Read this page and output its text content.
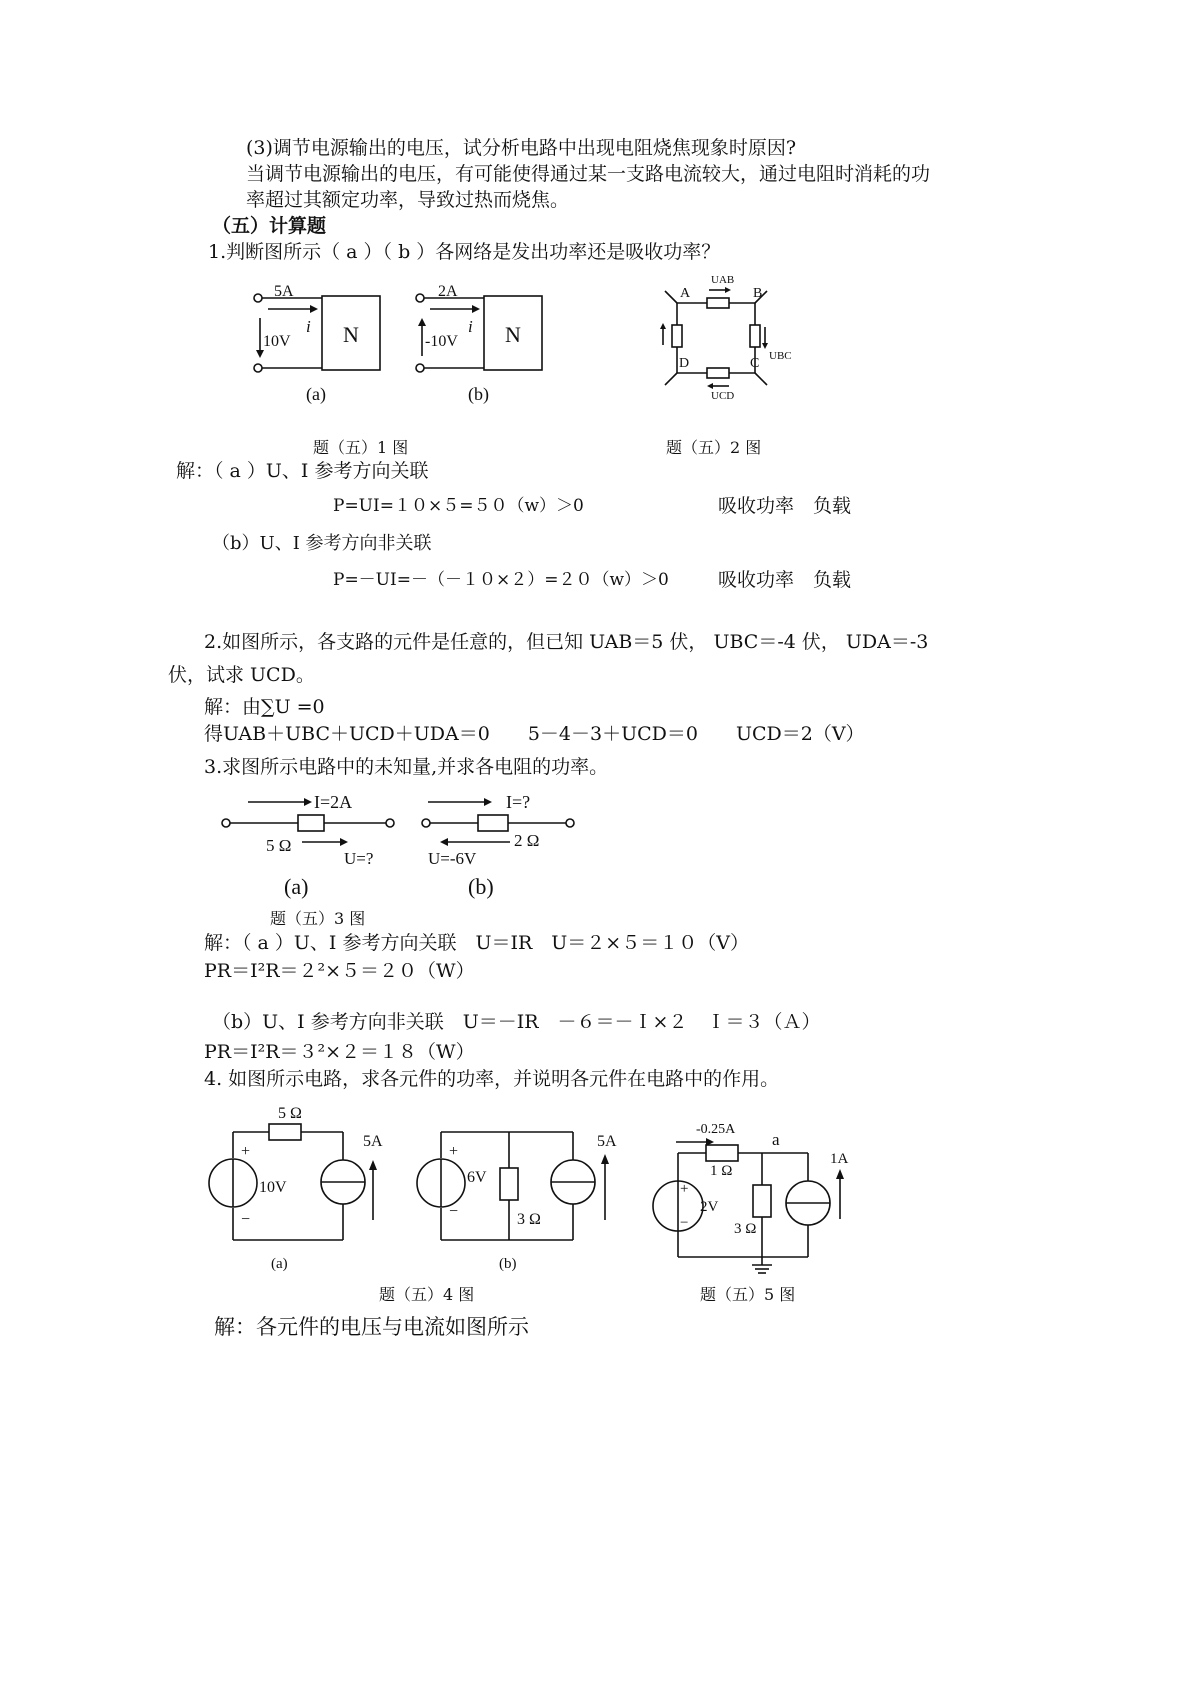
(3)调节电源输出的电压，试分析电路中出现电阻烧焦现象时原因?
当调节电源输出的电压，有可能使得通过某一支路电流较大，通过电阻时消耗的功
率超过其额定功率，导致过热而烧焦。
（五）计算题
1.判断图所示（ a ）（ b ）各网络是发出功率还是吸收功率？
5A
10V
i N
(a)
2A
-10V
i N
(b)
A	B
C
D
UAB
UBC
UCD
题（五）1 图	题（五）2 图
解：（ a ）U、I 参考方向关联
P=UI=１０×５=５０（w）＞0	吸收功率　负载
（b）U、I 参考方向非关联
P=－UI=－（－１０×２）=２０（w）＞0	吸收功率　负载
2.如图所示，各支路的元件是任意的，但已知 UAB＝5 伏， UBC＝-4 伏， UDA＝-3
伏，试求 UCD。
解：由∑U =0
得UAB＋UBC＋UCD＋UDA＝0　　5－4－3＋UCD＝0　　UCD＝2（V）
3.求图所示电路中的未知量,并求各电阻的功率。
I=2A
5 Ω
U=?
(a)
I=?
2 Ω
U=-6V
(b)
题（五）3 图
解：（ a ）U、I 参考方向关联　U＝IR　U＝２×５＝１０（V）
PR＝I²R＝２²×５＝２０（W）
（b）U、I 参考方向非关联　U＝－IR　－６＝－Ｉ×２　Ｉ＝３（Ａ）
PR＝I²R＝３²×２＝１８（W）
4. 如图所示电路，求各元件的功率，并说明各元件在电路中的作用。
5 Ω
+
−
10V
5A
(a)
+
−
6V
3 Ω
5A
(b)
-0.25A
a
1 Ω
3 Ω
+
−
2V
1A
题（五）4 图	题（五）5 图
解：各元件的电压与电流如图所示
